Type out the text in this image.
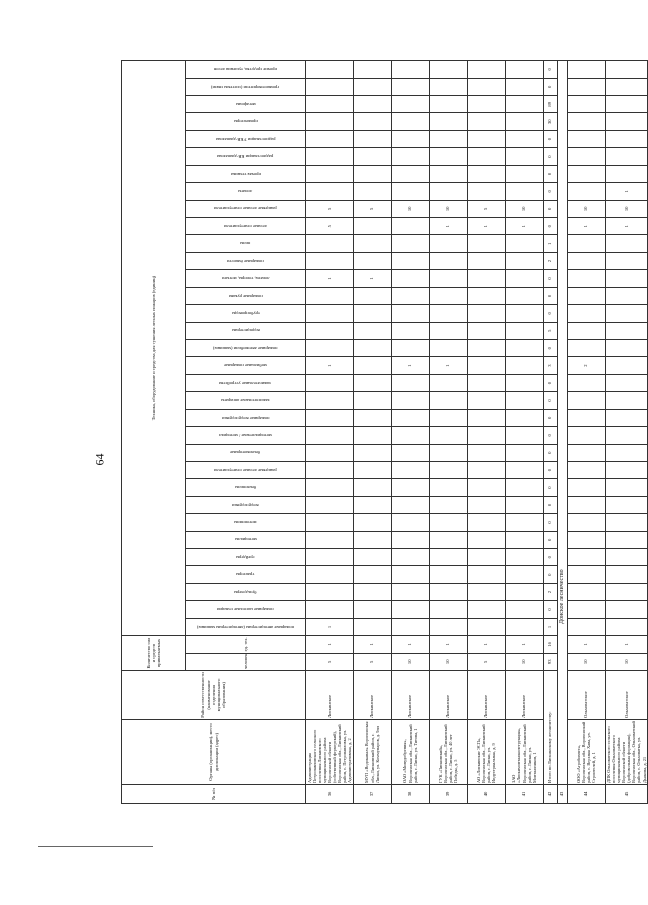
64
№ п/п	Органы (организации), место дислокации (адрес)	Район ответственности (наименование отделения муниципального образования)	Количество сил и средств привлекаемых		Техника, оборудование и средства для тушения лесных пожаров (единиц)																																
			человек	ед. тех.	пожарные автоцистерны (автоцистерны машины)	пожарные насосные станции	бульдозеры	тракторы	грейдеры	мотоциклы	мотопомпы	воздуходувки	бензопилы	ранцевые лесные огнетушители	бензомоторные	мотоциклетные / мотоцикл	пожарные воздуходувки	зажигательные аппараты	зажигательные устройства	мобильные пожарные	пожарные автомобили (машины)	водоцистерны	трубопроводы	пожарные рукава	лопаты, топоры, мотыги	пожарные ёмкости	пилы	лесные огнетушители	ранцевые лесные огнетушители	лопаты	прочая техника	радиостанции КВ-диапазона	радиостанции УКВ-диапазона	прожекторы	мегафоны	громкоговорители (системы связи)	прочие средства, тушения лесов

36	Администрация Петропавловского сельского поселения Лискинского муниципального района Воронежской области (собственный фермерский), Воронежская обл., Лискинский район, с. Петропавловка, ул. Административная, д. 2	Лискинское	5	1	1															1					1			5	5								
37	МУП «Водоканал» Воронежская обл., Лискинский район, г. Лиски, ул. Коммунаров, д. 9нл	Лискинское	5	1																					1				5								
38	ОАО «Минудобрения», Воронежская обл., Лискинский район, г. Лиски, ул. Титова, 1	Лискинское	10	1																1									10								
39	ГУК «Лискинский», Воронежская обл., Лискинский район, г. Лиски, ул. 40 лет Победы, д. 5	Лискинское	10	1																1								1	10								
40	АО «Лискинские ЭСП», Воронежская обл., Лискинский район, г. Лиски, ул. Индустриальная, д. 9	Лискинское	5	1																								1	5								
41	ЗАО «Лискимонтажконструкция», Воронежская обл., Лискинский район, г. Лиски, ул. Монтажников, 1	Лискинское	10	1																								1	10								
42	Итого по Лискинскому лесничеству:		93	16	1	0	2	0	0	0	0	0	0	0	0	0	0	0	0	3	0	5	0	0	0	2	1	0	0	0	0	0	0	30	89	0	0
43	Донское лесничество																																				
44	ООО «Агробизнес», Воронежская обл., Воронежский район, с. Верхняя Хава, ул. Строителей, д. 1	Ольховатское	10	1																2								1	10								
45	ДПК Ольховатского сельского поселения Ольховатского муниципального района Воронежской области (добровольная формация), Воронежская обл., Ольховатский район, с. Ольховатка, ул. Дьякова, д. 21	Ольховатское	10	1																								1	10	1							
